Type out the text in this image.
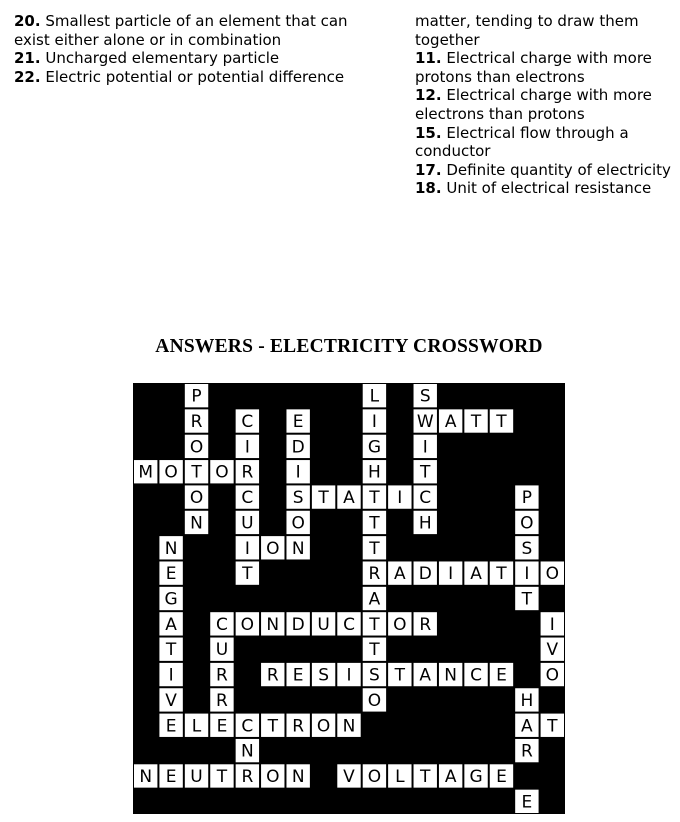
20. Smallest particle of an element that can exist either alone or in combination

21. Uncharged elementary particle

22. Electric potential or potential difference

matter, tending to draw them together

11. Electrical charge with more protons than electrons

12. Electrical charge with more electrons than protons

15. Electrical flow through a conductor

17. Definite quantity of electricity

18. Unit of electrical resistance

ANSWERS - ELECTRICITY CROSSWORD
P	L S
R C E	I W A T T
O I D	G I
M O T O R I	H T
O C S T A T I C	P
N U O	T H	O
N	I O N	T	S
E	T	R A D I A T I O
G	A	T
A C O N D U C T O R	I
T U	T	V
I R R E S I S T A N C E O
V R	O	H
E L E C T R O N	A T
N	R
N E U T R O N V O L T A G E
E
